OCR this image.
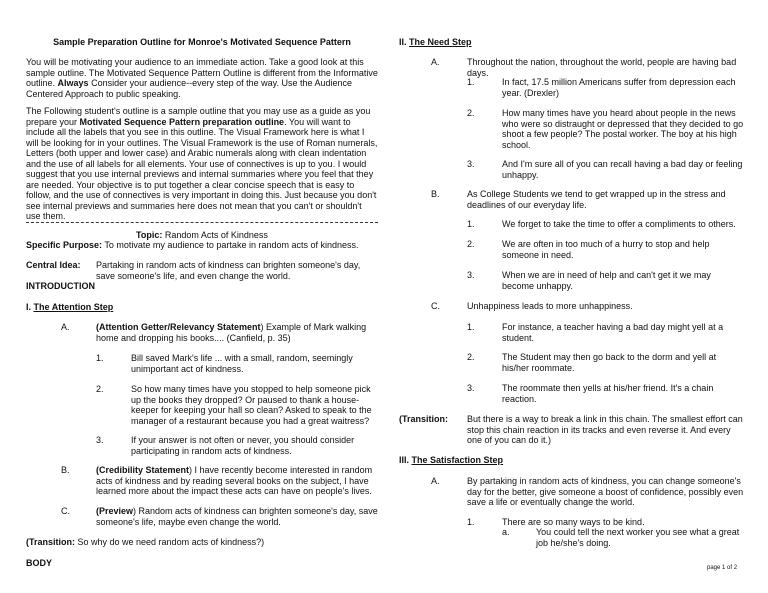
Sample Preparation Outline for Monroe's Motivated Sequence Pattern

You will be motivating your audience to an immediate action. Take a good look at this sample outline. The Motivated Sequence Pattern Outline is different from the Informative outline. Always Consider your audience--every step of the way. Use the Audience Centered Approach to public speaking.

The Following student's outline is a sample outline that you may use as a guide as you prepare your Motivated Sequence Pattern preparation outline. You will want to include all the labels that you see in this outline. The Visual Framework here is what I will be looking for in your outlines. The Visual Framework is the use of Roman numerals, Letters (both upper and lower case) and Arabic numerals along with clean indentation and the use of all labels for all elements. Your use of connectives is up to you. I would suggest that you use internal previews and internal summaries where you feel that they are needed. Your objective is to put together a clear concise speech that is easy to follow, and the use of connectives is very important in doing this. Just because you don't see internal previews and summaries here does not mean that you can't or shouldn't use them.

Topic: Random Acts of Kindness
Specific Purpose: To motivate my audience to partake in random acts of kindness.
Central Idea: Partaking in random acts of kindness can brighten someone's day, save someone's life, and even change the world.
INTRODUCTION
I. The Attention Step
A.	(Attention Getter/Relevancy Statement) Example of Mark walking home and dropping his books.... (Canfield, p. 35)
1.	Bill saved Mark's life ... with a small, random, seemingly unimportant act of kindness.
2.	So how many times have you stopped to help someone pick up the books they dropped? Or paused to thank a house-keeper for keeping your hall so clean? Asked to speak to the manager of a restaurant because you had a great waitress?
3.	If your answer is not often or never, you should consider participating in random acts of kindness.
B.	(Credibility Statement) I have recently become interested in random acts of kindness and by reading several books on the subject, I have learned more about the impact these acts can have on people's lives.
C.	(Preview) Random acts of kindness can brighten someone's day, save someone's life, maybe even change the world.
(Transition: So why do we need random acts of kindness?)
BODY
II. The Need Step
A.	Throughout the nation, throughout the world, people are having bad days.
1.	In fact, 17.5 million Americans suffer from depression each year. (Drexler)
2.	How many times have you heard about people in the news who were so distraught or depressed that they decided to go shoot a few people? The postal worker. The boy at his high school.
3.	And I'm sure all of you can recall having a bad day or feeling unhappy.
B.	As College Students we tend to get wrapped up in the stress and deadlines of our everyday life.
1.	We forget to take the time to offer a compliments to others.
2.	We are often in too much of a hurry to stop and help someone in need.
3.	When we are in need of help and can't get it we may become unhappy.
C.	Unhappiness leads to more unhappiness.
1.	For instance, a teacher having a bad day might yell at a student.
2.	The Student may then go back to the dorm and yell at his/her roommate.
3.	The roommate then yells at his/her friend. It's a chain reaction.
(Transition: But there is a way to break a link in this chain. The smallest effort can stop this chain reaction in its tracks and even reverse it. And every one of you can do it.)
III. The Satisfaction Step
A.	By partaking in random acts of kindness, you can change someone's day for the better, give someone a boost of confidence, possibly even save a life or eventually change the world.
1.	There are so many ways to be kind.
a.	You could tell the next worker you see what a great job he/she's doing.
page 1 of 2
